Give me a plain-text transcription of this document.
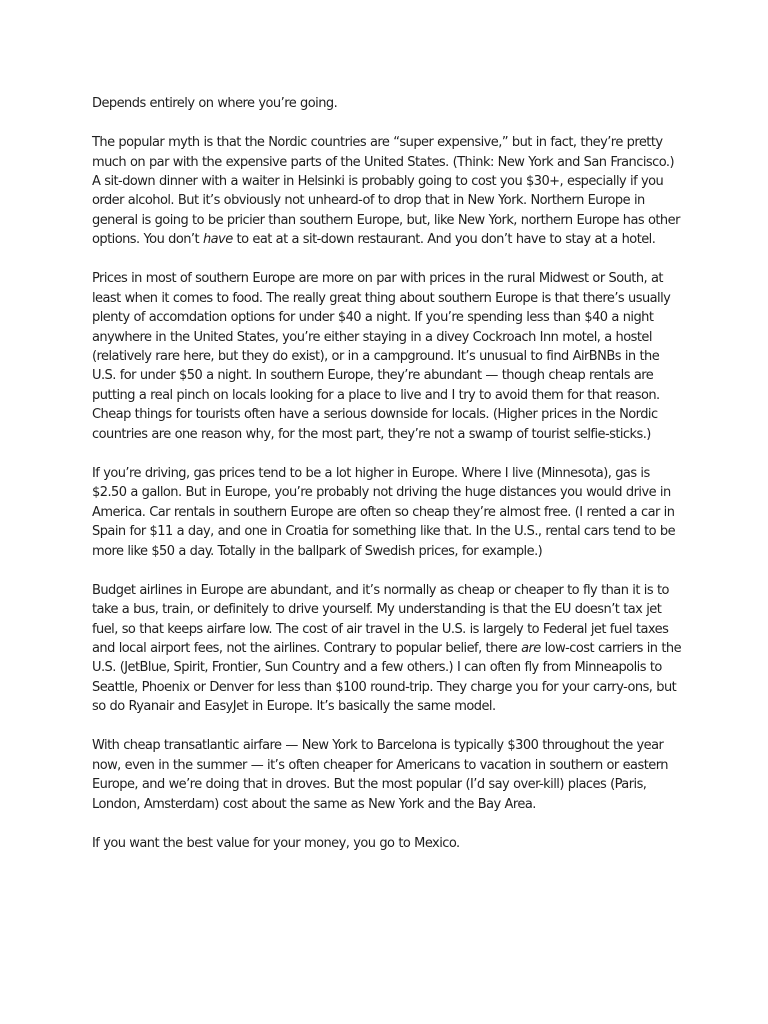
Depends entirely on where you’re going.

The popular myth is that the Nordic countries are “super expensive,” but in fact, they’re pretty much on par with the expensive parts of the United States. (Think: New York and San Francisco.) A sit-down dinner with a waiter in Helsinki is probably going to cost you $30+, especially if you order alcohol. But it’s obviously not unheard-of to drop that in New York. Northern Europe in general is going to be pricier than southern Europe, but, like New York, northern Europe has other options. You don’t have to eat at a sit-down restaurant. And you don’t have to stay at a hotel.

Prices in most of southern Europe are more on par with prices in the rural Midwest or South, at least when it comes to food. The really great thing about southern Europe is that there’s usually plenty of accomdation options for under $40 a night. If you’re spending less than $40 a night anywhere in the United States, you’re either staying in a divey Cockroach Inn motel, a hostel (relatively rare here, but they do exist), or in a campground. It’s unusual to find AirBNBs in the U.S. for under $50 a night. In southern Europe, they’re abundant — though cheap rentals are putting a real pinch on locals looking for a place to live and I try to avoid them for that reason. Cheap things for tourists often have a serious downside for locals. (Higher prices in the Nordic countries are one reason why, for the most part, they’re not a swamp of tourist selfie-sticks.)

If you’re driving, gas prices tend to be a lot higher in Europe. Where I live (Minnesota), gas is $2.50 a gallon. But in Europe, you’re probably not driving the huge distances you would drive in America. Car rentals in southern Europe are often so cheap they’re almost free. (I rented a car in Spain for $11 a day, and one in Croatia for something like that. In the U.S., rental cars tend to be more like $50 a day. Totally in the ballpark of Swedish prices, for example.)

Budget airlines in Europe are abundant, and it’s normally as cheap or cheaper to fly than it is to take a bus, train, or definitely to drive yourself. My understanding is that the EU doesn’t tax jet fuel, so that keeps airfare low. The cost of air travel in the U.S. is largely to Federal jet fuel taxes and local airport fees, not the airlines. Contrary to popular belief, there are low-cost carriers in the U.S. (JetBlue, Spirit, Frontier, Sun Country and a few others.) I can often fly from Minneapolis to Seattle, Phoenix or Denver for less than $100 round-trip. They charge you for your carry-ons, but so do Ryanair and EasyJet in Europe. It’s basically the same model.

With cheap transatlantic airfare — New York to Barcelona is typically $300 throughout the year now, even in the summer — it’s often cheaper for Americans to vacation in southern or eastern Europe, and we’re doing that in droves. But the most popular (I’d say over-kill) places (Paris, London, Amsterdam) cost about the same as New York and the Bay Area.

If you want the best value for your money, you go to Mexico.
